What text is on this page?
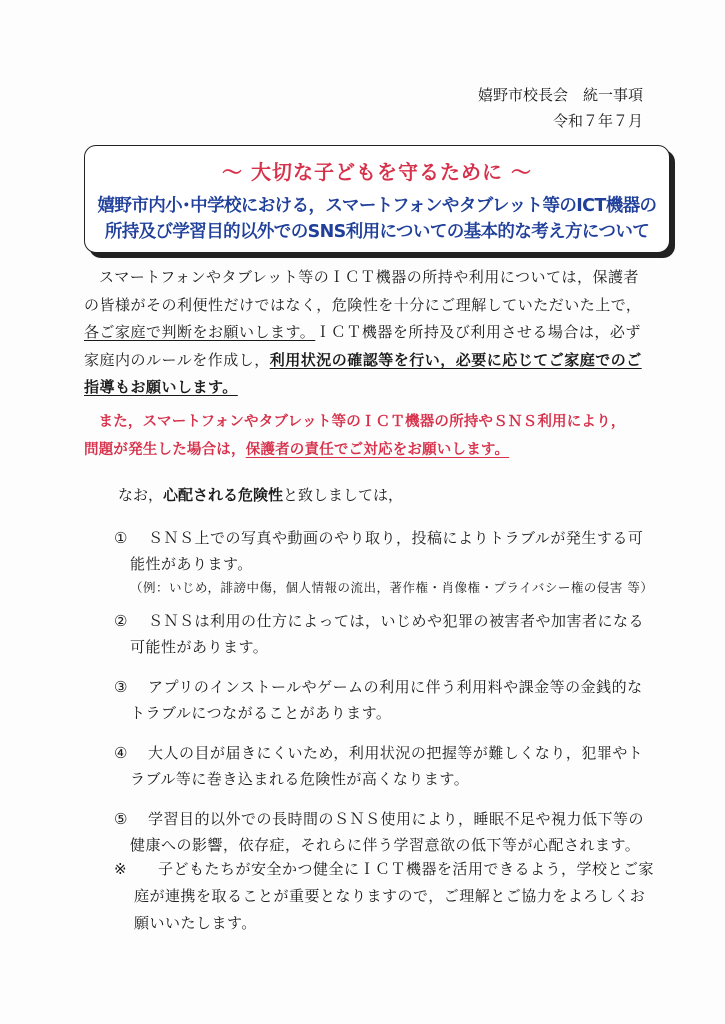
嬉野市校長会　統一事項
令和７年７月
～ 大切な子どもを守るために ～
嬉野市内小･中学校における，スマートフォンやタブレット等のICT機器の
所持及び学習目的以外でのSNS利用についての基本的な考え方について
スマートフォンやタブレット等のＩＣＴ機器の所持や利用については，保護者
の皆様がその利便性だけではなく，危険性を十分にご理解していただいた上で，
各ご家庭で判断をお願いします。ＩＣＴ機器を所持及び利用させる場合は，必ず
家庭内のルールを作成し，利用状況の確認等を行い，必要に応じてご家庭でのご
指導もお願いします。
また，スマートフォンやタブレット等のＩＣＴ機器の所持やＳＮＳ利用により，
問題が発生した場合は，保護者の責任でご対応をお願いします。
なお，心配される危険性と致しましては，
① ＳＮＳ上での写真や動画のやり取り，投稿によりトラブルが発生する可
能性があります。
（例：いじめ，誹謗中傷，個人情報の流出，著作権・肖像権・プライバシー権の侵害 等）
② ＳＮＳは利用の仕方によっては，いじめや犯罪の被害者や加害者になる
可能性があります。
③ アプリのインストールやゲームの利用に伴う利用料や課金等の金銭的な
トラブルにつながることがあります。
④ 大人の目が届きにくいため，利用状況の把握等が難しくなり，犯罪やト
ラブル等に巻き込まれる危険性が高くなります。
⑤ 学習目的以外での長時間のＳＮＳ使用により，睡眠不足や視力低下等の
健康への影響，依存症，それらに伴う学習意欲の低下等が心配されます。
※ 子どもたちが安全かつ健全にＩＣＴ機器を活用できるよう，学校とご家
庭が連携を取ることが重要となりますので，ご理解とご協力をよろしくお
願いいたします。
